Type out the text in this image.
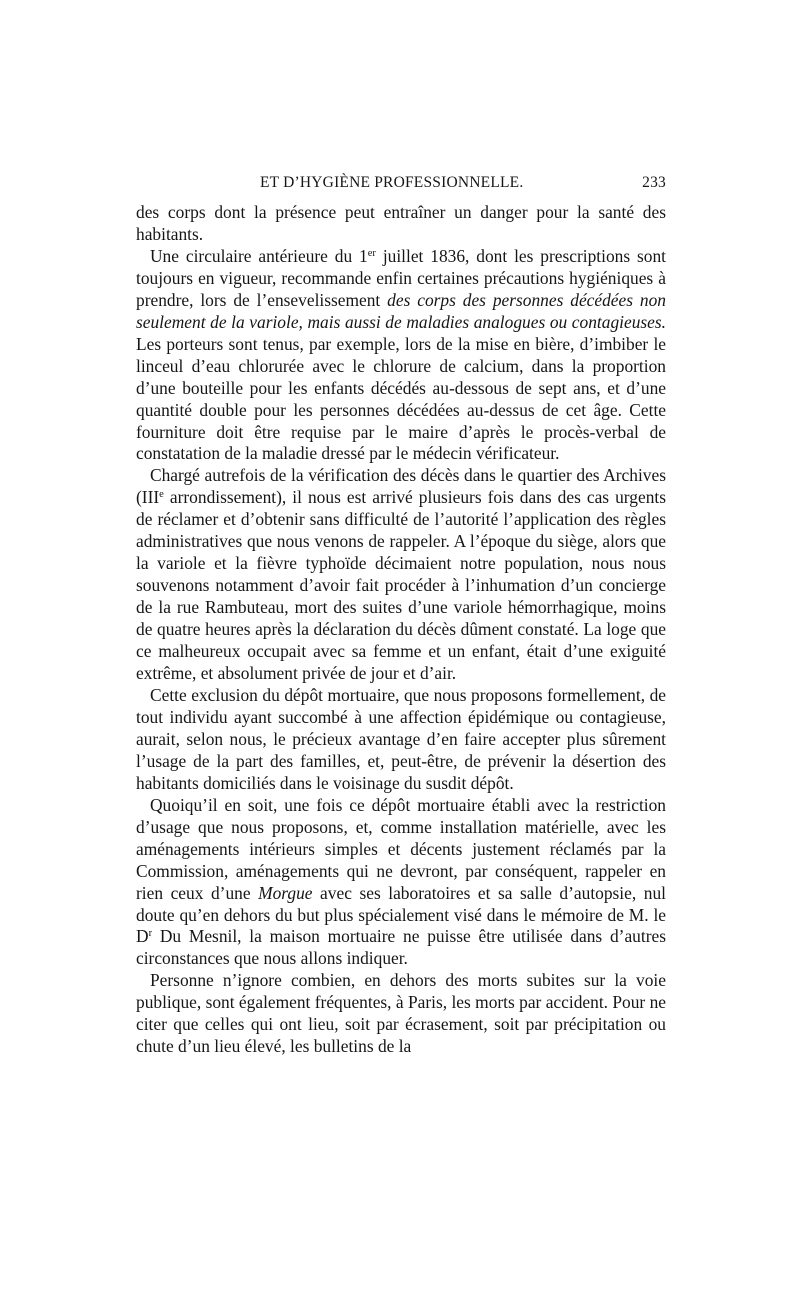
ET D’HYGIÈNE PROFESSIONNELLE.	233

des corps dont la présence peut entraîner un danger pour la santé des habitants.

Une circulaire antérieure du 1er juillet 1836, dont les prescriptions sont toujours en vigueur, recommande enfin certaines précautions hygiéniques à prendre, lors de l’ensevelissement des corps des personnes décédées non seulement de la variole, mais aussi de maladies analogues ou contagieuses. Les porteurs sont tenus, par exemple, lors de la mise en bière, d’imbiber le linceul d’eau chlorurée avec le chlorure de calcium, dans la proportion d’une bouteille pour les enfants décédés au-dessous de sept ans, et d’une quantité double pour les personnes décédées au-dessus de cet âge. Cette fourniture doit être requise par le maire d’après le procès-verbal de constatation de la maladie dressé par le médecin vérificateur.

Chargé autrefois de la vérification des décès dans le quartier des Archives (IIIe arrondissement), il nous est arrivé plusieurs fois dans des cas urgents de réclamer et d’obtenir sans difficulté de l’autorité l’application des règles administratives que nous venons de rappeler. A l’époque du siège, alors que la variole et la fièvre typhoïde décimaient notre population, nous nous souvenons notamment d’avoir fait procéder à l’inhumation d’un concierge de la rue Rambuteau, mort des suites d’une variole hémorrhagique, moins de quatre heures après la déclaration du décès dûment constaté. La loge que ce malheureux occupait avec sa femme et un enfant, était d’une exiguité extrême, et absolument privée de jour et d’air.

Cette exclusion du dépôt mortuaire, que nous proposons formellement, de tout individu ayant succombé à une affection épidémique ou contagieuse, aurait, selon nous, le précieux avantage d’en faire accepter plus sûrement l’usage de la part des familles, et, peut-être, de prévenir la désertion des habitants domiciliés dans le voisinage du susdit dépôt.

Quoiqu’il en soit, une fois ce dépôt mortuaire établi avec la restriction d’usage que nous proposons, et, comme installation matérielle, avec les aménagements intérieurs simples et décents justement réclamés par la Commission, aménagements qui ne devront, par conséquent, rappeler en rien ceux d’une Morgue avec ses laboratoires et sa salle d’autopsie, nul doute qu’en dehors du but plus spécialement visé dans le mémoire de M. le $D^r$ Du Mesnil, la maison mortuaire ne puisse être utilisée dans d’autres circonstances que nous allons indiquer.

Personne n’ignore combien, en dehors des morts subites sur la voie publique, sont également fréquentes, à Paris, les morts par accident. Pour ne citer que celles qui ont lieu, soit par écrasement, soit par précipitation ou chute d’un lieu élevé, les bulletins de la
